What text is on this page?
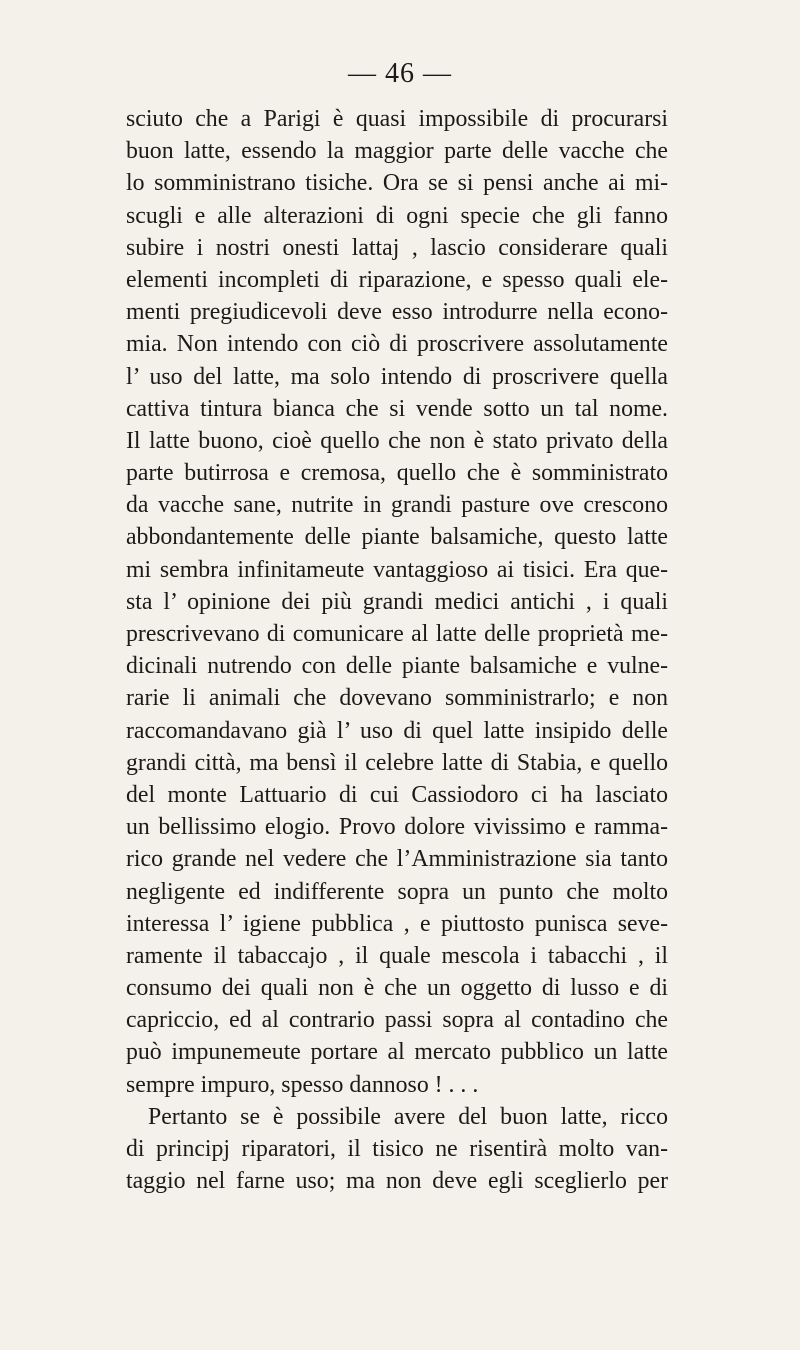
— 46 —
sciuto che a Parigi è quasi impossibile di procurarsi
buon latte, essendo la maggior parte delle vacche che
lo somministrano tisiche. Ora se si pensi anche ai mi-
scugli e alle alterazioni di ogni specie che gli fanno
subire i nostri onesti lattaj , lascio considerare quali
elementi incompleti di riparazione, e spesso quali ele-
menti pregiudicevoli deve esso introdurre nella econo-
mia. Non intendo con ciò di proscrivere assolutamente
l’ uso del latte, ma solo intendo di proscrivere quella
cattiva tintura bianca che si vende sotto un tal nome.
Il latte buono, cioè quello che non è stato privato della
parte butirrosa e cremosa, quello che è somministrato
da vacche sane, nutrite in grandi pasture ove crescono
abbondantemente delle piante balsamiche, questo latte
mi sembra infinitameute vantaggioso ai tisici. Era que-
sta l’ opinione dei più grandi medici antichi , i quali
prescrivevano di comunicare al latte delle proprietà me-
dicinali nutrendo con delle piante balsamiche e vulne-
rarie li animali che dovevano somministrarlo; e non
raccomandavano già l’ uso di quel latte insipido delle
grandi città, ma bensì il celebre latte di Stabia, e quello
del monte Lattuario di cui Cassiodoro ci ha lasciato
un bellissimo elogio. Provo dolore vivissimo e ramma-
rico grande nel vedere che l’Amministrazione sia tanto
negligente ed indifferente sopra un punto che molto
interessa l’ igiene pubblica , e piuttosto punisca seve-
ramente il tabaccajo , il quale mescola i tabacchi , il
consumo dei quali non è che un oggetto di lusso e di
capriccio, ed al contrario passi sopra al contadino che
può impunemeute portare al mercato pubblico un latte
sempre impuro, spesso dannoso ! . . .
Pertanto se è possibile avere del buon latte, ricco
di principj riparatori, il tisico ne risentirà molto van-
taggio nel farne uso; ma non deve egli sceglierlo per
